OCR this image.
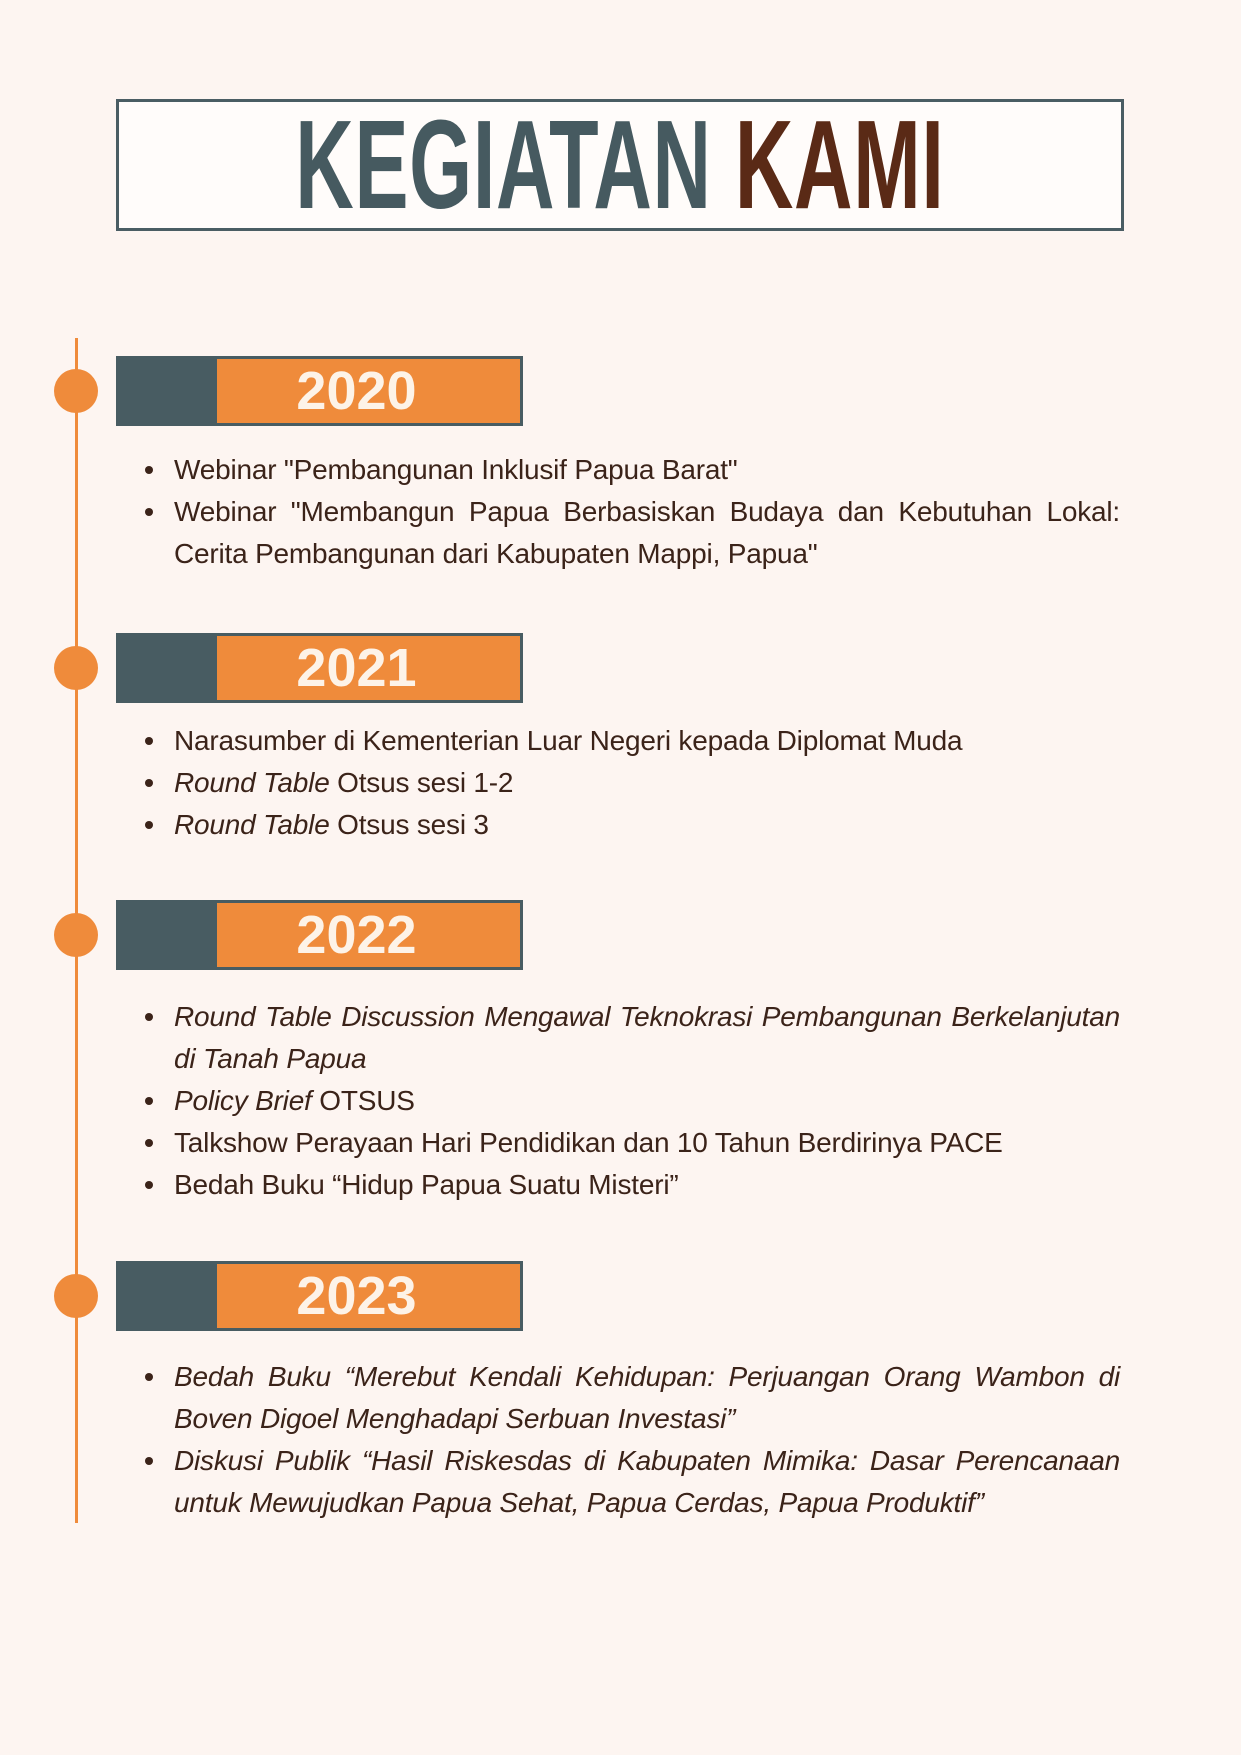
KEGIATAN KAMI
2020
Webinar "Pembangunan Inklusif Papua Barat"
Webinar "Membangun Papua Berbasiskan Budaya dan Kebutuhan Lokal: Cerita Pembangunan dari Kabupaten Mappi, Papua"
2021
Narasumber di Kementerian Luar Negeri kepada Diplomat Muda
Round Table Otsus sesi 1-2
Round Table Otsus sesi 3
2022
Round Table Discussion Mengawal Teknokrasi Pembangunan Berkelanjutan di Tanah Papua
Policy Brief OTSUS
Talkshow Perayaan Hari Pendidikan dan 10 Tahun Berdirinya PACE
Bedah Buku “Hidup Papua Suatu Misteri”
2023
Bedah Buku “Merebut Kendali Kehidupan: Perjuangan Orang Wambon di Boven Digoel Menghadapi Serbuan Investasi”
Diskusi Publik “Hasil Riskesdas di Kabupaten Mimika: Dasar Perencanaan untuk Mewujudkan Papua Sehat, Papua Cerdas, Papua Produktif”
